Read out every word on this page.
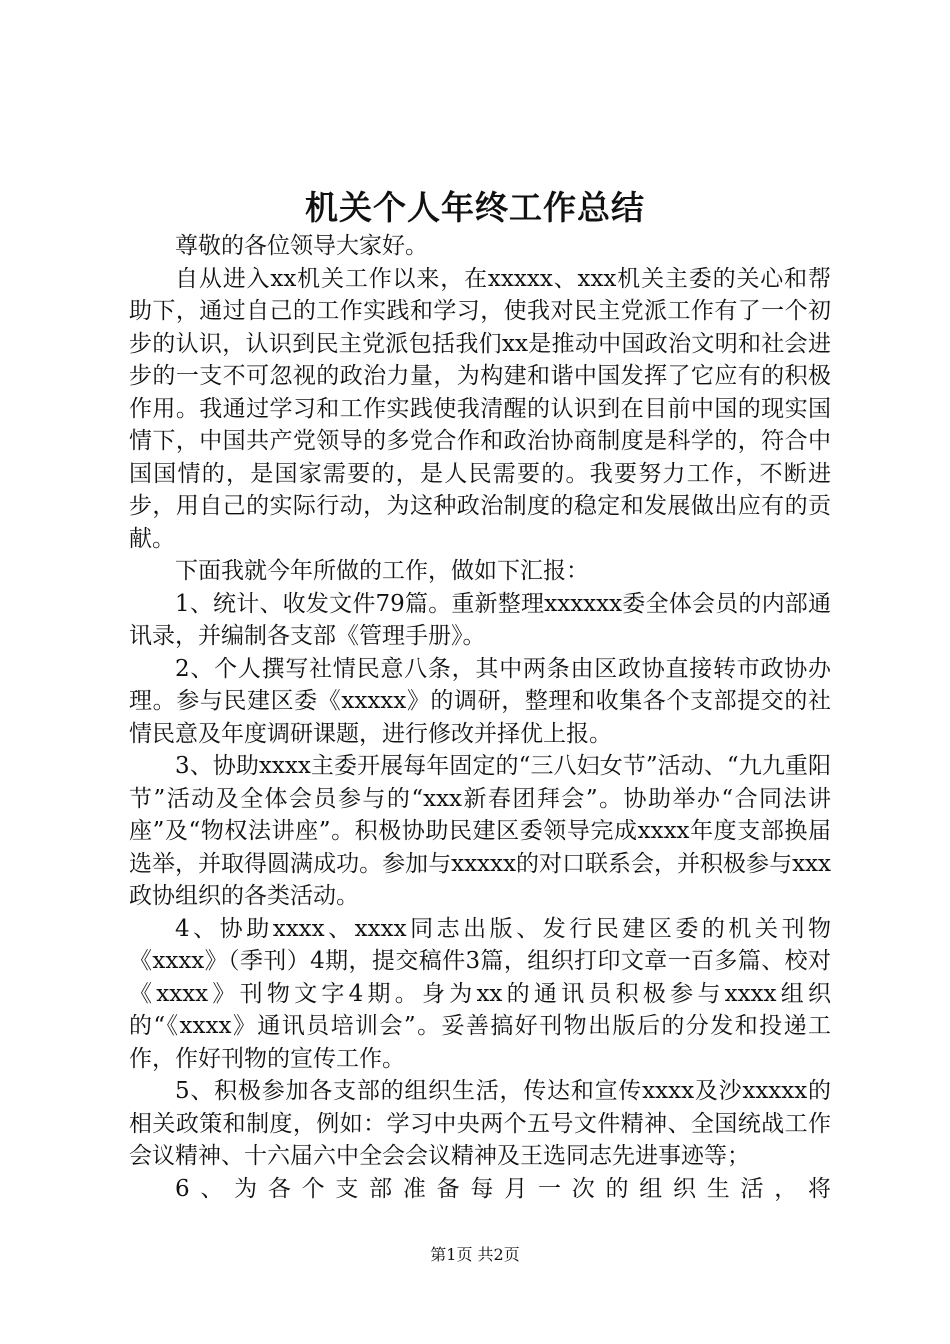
机关个人年终工作总结

尊敬的各位领导大家好。

自从进入xx机关工作以来，在xxxxx、xxx机关主委的关心和帮助下，通过自己的工作实践和学习，使我对民主党派工作有了一个初步的认识，认识到民主党派包括我们xx是推动中国政治文明和社会进步的一支不可忽视的政治力量，为构建和谐中国发挥了它应有的积极作用。我通过学习和工作实践使我清醒的认识到在目前中国的现实国情下，中国共产党领导的多党合作和政治协商制度是科学的，符合中国国情的，是国家需要的，是人民需要的。我要努力工作，不断进步，用自己的实际行动，为这种政治制度的稳定和发展做出应有的贡献。

下面我就今年所做的工作，做如下汇报：

1、统计、收发文件79篇。重新整理xxxxxx委全体会员的内部通讯录，并编制各支部《管理手册》。

2、个人撰写社情民意八条，其中两条由区政协直接转市政协办理。参与民建区委《xxxxx》的调研，整理和收集各个支部提交的社情民意及年度调研课题，进行修改并择优上报。

3、协助xxxx主委开展每年固定的“三八妇女节”活动、“九九重阳节”活动及全体会员参与的“xxx新春团拜会”。协助举办“合同法讲座”及“物权法讲座”。积极协助民建区委领导完成xxxx年度支部换届选举，并取得圆满成功。参加与xxxxx的对口联系会，并积极参与xxx政协组织的各类活动。

4、协助xxxx、xxxx同志出版、发行民建区委的机关刊物《xxxx》（季刊）4期，提交稿件3篇，组织打印文章一百多篇、校对《xxxx》刊物文字4期。身为xx的通讯员积极参与xxxx组织的“《xxxx》通讯员培训会”。妥善搞好刊物出版后的分发和投递工作，作好刊物的宣传工作。

5、积极参加各支部的组织生活，传达和宣传xxxx及沙xxxxx的相关政策和制度，例如：学习中央两个五号文件精神、全国统战工作会议精神、十六届六中全会会议精神及王选同志先进事迹等；

6、为各个支部准备每月一次的组织生活，将

第1页 共2页
